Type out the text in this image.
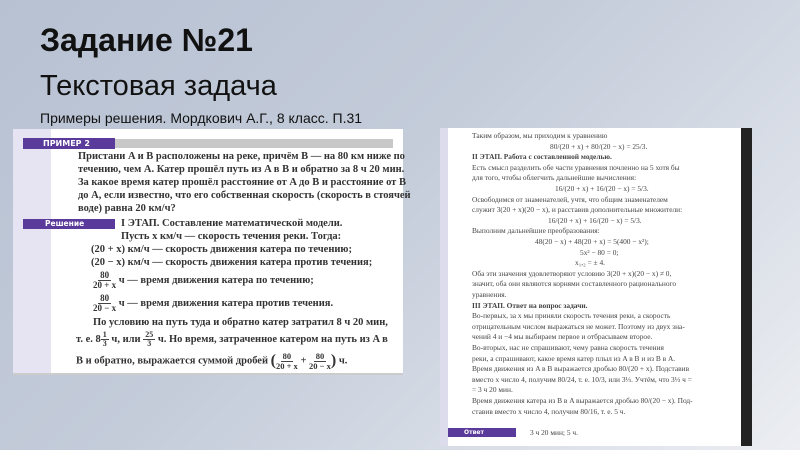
Задание №21
Текстовая задача
Примеры решения. Мордкович А.Г., 8 класс. П.31
ПРИМЕР 2
Пристани A и B расположены на реке, причём B — на 80 км ниже по
течению, чем A. Катер прошёл путь из A в B и обратно за 8 ч 20 мин.
За какое время катер прошёл расстояние от A до B и расстояние от B
до A, если известно, что его собственная скорость (скорость в стоячей
воде) равна 20 км/ч?
Решение	I ЭТАП. Составление математической модели.
Пусть x км/ч — скорость течения реки. Тогда:
(20 + x) км/ч — скорость движения катера по течению;
(20 − x) км/ч — скорость движения катера против течения;
$\frac{80}{20 + x}$ ч — время движения катера по течению;
$\frac{80}{20 - x}$ ч — время движения катера против течения.
По условию на путь туда и обратно катер затратил 8 ч 20 мин,
т. е. $8 \frac{1}{3} ч$, или $\frac{25}{3} ч$. Но время, затраченное катером на путь из A в
B и обратно, выражается суммой дробей ( $\frac{80}{20 + x} + \frac{80}{20 - x}$ ) ч.
Таким образом, мы приходим к уравнению
80/(20 + x) + 80/(20 − x) = 25/3.
II ЭТАП. Работа с составленной моделью.
Есть смысл разделить обе части уравнения почленно на 5 хотя бы
для того, чтобы облегчить дальнейшие вычисления:
16/(20 + x) + 16/(20 − x) = 5/3.
Освободимся от знаменателей, учтя, что общим знаменателем
служит 3(20 + x)(20 − x), и расставив дополнительные множители:
16/(20 + x) + 16/(20 − x) = 5/3.
Выполним дальнейшие преобразования:
48(20 − x) + 48(20 + x) = 5(400 − x²);
5x² − 80 = 0;
x₁,₂ = ± 4.
Оба эти значения удовлетворяют условию 3(20 + x)(20 − x) ≠ 0,
значит, оба они являются корнями составленного рационального
уравнения.
III ЭТАП. Ответ на вопрос задачи.
Во-первых, за x мы приняли скорость течения реки, а скорость
отрицательным числом выражаться не может. Поэтому из двух зна-
чений 4 и −4 мы выбираем первое и отбрасываем второе.
Во-вторых, нас не спрашивают, чему равна скорость течения
реки, а спрашивают, какое время катер плыл из A в B и из B в A.
Время движения из A в B выражается дробью 80/(20 + x). Подставив
вместо x число 4, получим 80/24, т. е. 10/3, или 3⅓. Учтём, что 3⅓ ч =
= 3 ч 20 мин.
Время движения катера из B в A выражается дробью 80/(20 − x). Под-
ставив вместо x число 4, получим 80/16, т. е. 5 ч.
Ответ	3 ч 20 мин; 5 ч.
